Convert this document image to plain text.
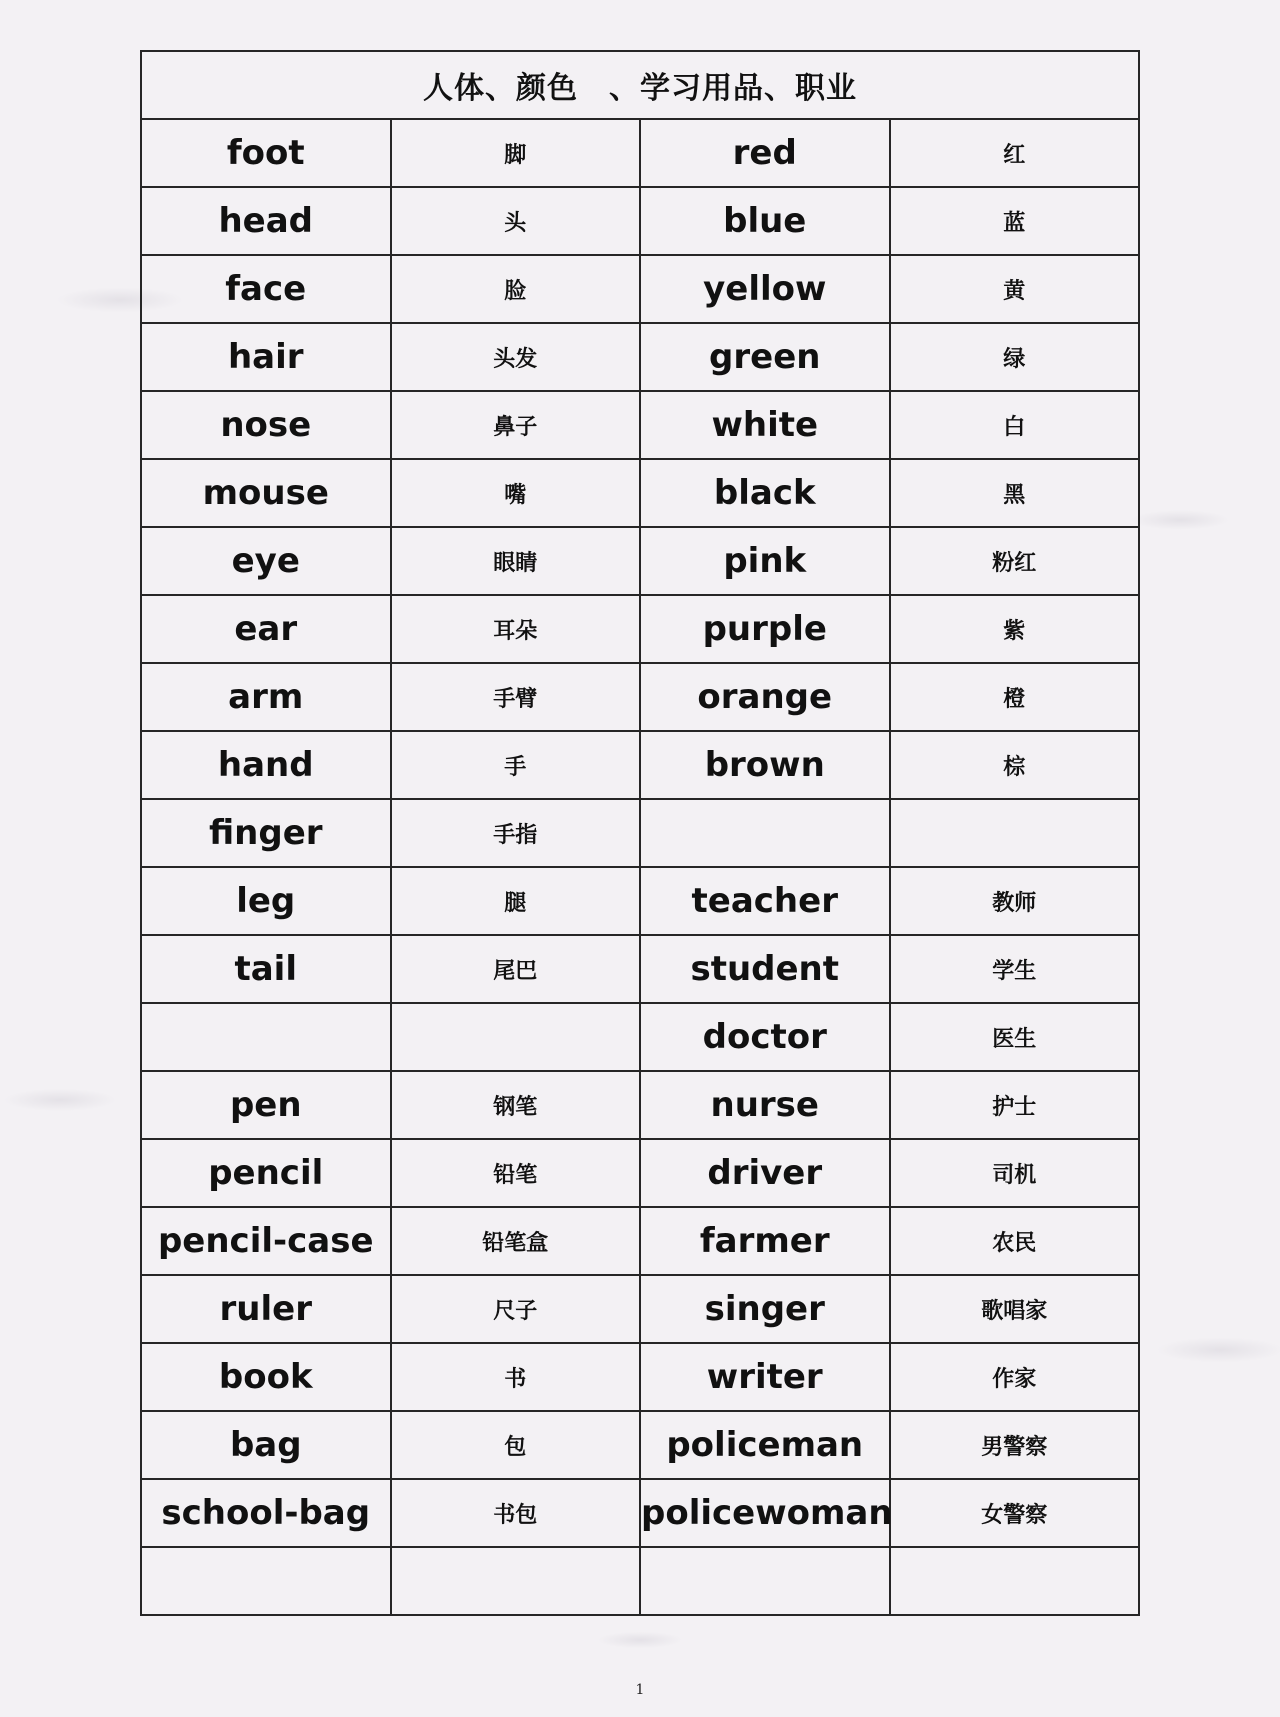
人体、颜色　、学习用品、职业			
foot	脚	red	红
head	头	blue	蓝
face	脸	yellow	黄
hair	头发	green	绿
nose	鼻子	white	白
mouse	嘴	black	黑
eye	眼睛	pink	粉红
ear	耳朵	purple	紫
arm	手臂	orange	橙
hand	手	brown	棕
finger	手指		
leg	腿	teacher	教师
tail	尾巴	student	学生
		doctor	医生
pen	钢笔	nurse	护士
pencil	铅笔	driver	司机
pencil-case	铅笔盒	farmer	农民
ruler	尺子	singer	歌唱家
book	书	writer	作家
bag	包	policeman	男警察
school-bag	书包	policewoman	女警察

1
